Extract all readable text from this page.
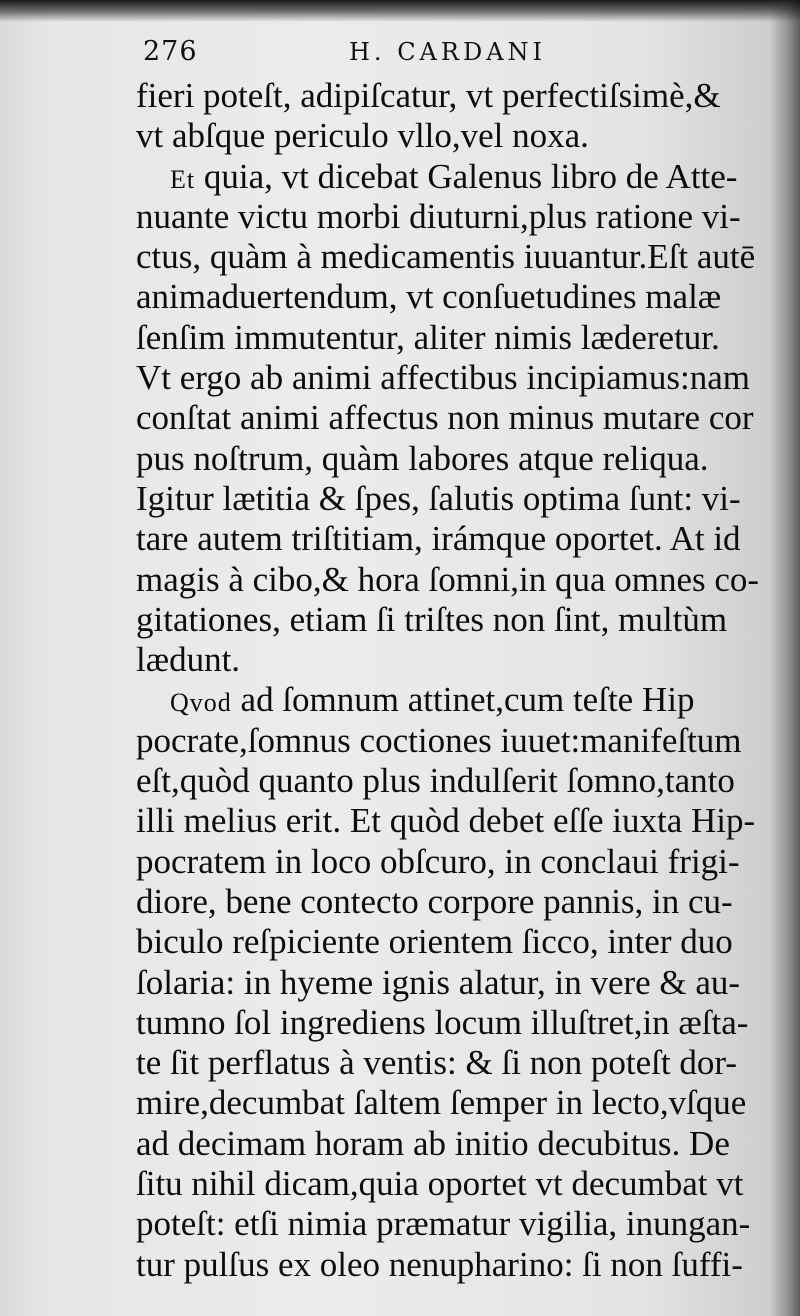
276	H. CARDANI
fieri poteſt, adipiſcatur, vt perfectiſsimè,&
vt abſque periculo vllo,vel noxa.
Et quia, vt dicebat Galenus libro de Atte-
nuante victu morbi diuturni,plus ratione vi-
ctus, quàm à medicamentis iuuantur.Eſt autē
animaduertendum, vt conſuetudines malæ
ſenſim immutentur, aliter nimis læderetur.
Vt ergo ab animi affectibus incipiamus:nam
conſtat animi affectus non minus mutare cor
pus noſtrum, quàm labores atque reliqua.
Igitur lætitia & ſpes, ſalutis optima ſunt: vi-
tare autem triſtitiam, irámque oportet. At id
magis à cibo,& hora ſomni,in qua omnes co-
gitationes, etiam ſi triſtes non ſint, multùm
lædunt.
Qvod ad ſomnum attinet,cum teſte Hip
pocrate,ſomnus coctiones iuuet:manifeſtum
eſt,quòd quanto plus indulſerit ſomno,tanto
illi melius erit. Et quòd debet eſſe iuxta Hip-
pocratem in loco obſcuro, in conclaui frigi-
diore, bene contecto corpore pannis, in cu-
biculo reſpiciente orientem ſicco, inter duo
ſolaria: in hyeme ignis alatur, in vere & au-
tumno ſol ingrediens locum illuſtret,in æſta-
te ſit perflatus à ventis: & ſi non poteſt dor-
mire,decumbat ſaltem ſemper in lecto,vſque
ad decimam horam ab initio decubitus. De
ſitu nihil dicam,quia oportet vt decumbat vt
poteſt: etſi nimia præmatur vigilia, inungan-
tur pulſus ex oleo nenupharino: ſi non ſuffi-
